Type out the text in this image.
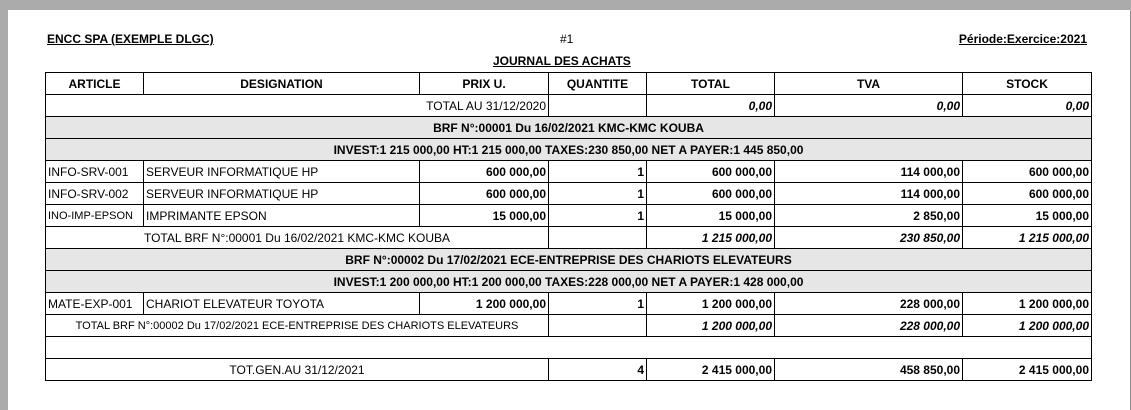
ENCC SPA (EXEMPLE DLGC)	#1	Période:Exercice:2021
JOURNAL DES ACHATS
ARTICLE	DESIGNATION	PRIX U.	QUANTITE	TOTAL	TVA	STOCK
TOTAL AU 31/12/2020				0,00	0,00	0,00
BRF N°:00001 Du 16/02/2021 KMC-KMC KOUBA						
INVEST:1 215 000,00 HT:1 215 000,00 TAXES:230 850,00 NET A PAYER:1 445 850,00						
INFO-SRV-001	SERVEUR INFORMATIQUE HP	600 000,00	1	600 000,00	114 000,00	600 000,00
INFO-SRV-002	SERVEUR INFORMATIQUE HP	600 000,00	1	600 000,00	114 000,00	600 000,00
INO-IMP-EPSON	IMPRIMANTE EPSON	15 000,00	1	15 000,00	2 850,00	15 000,00
TOTAL BRF N°:00001 Du 16/02/2021 KMC-KMC KOUBA				1 215 000,00	230 850,00	1 215 000,00
BRF N°:00002 Du 17/02/2021 ECE-ENTREPRISE DES CHARIOTS ELEVATEURS						
INVEST:1 200 000,00 HT:1 200 000,00 TAXES:228 000,00 NET A PAYER:1 428 000,00						
MATE-EXP-001	CHARIOT ELEVATEUR TOYOTA	1 200 000,00	1	1 200 000,00	228 000,00	1 200 000,00
TOTAL BRF N°:00002 Du 17/02/2021 ECE-ENTREPRISE DES CHARIOTS ELEVATEURS				1 200 000,00	228 000,00	1 200 000,00

TOT.GEN.AU 31/12/2021			4	2 415 000,00	458 850,00	2 415 000,00
